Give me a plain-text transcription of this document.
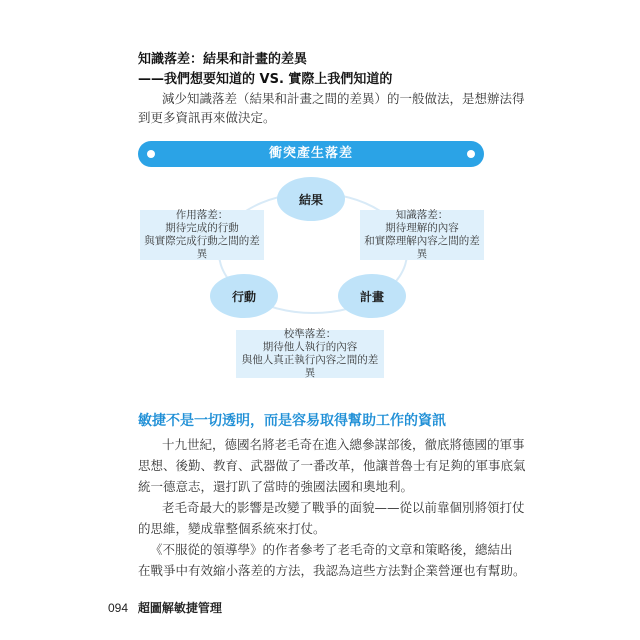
知識落差：結果和計畫的差異
——我們想要知道的 VS. 實際上我們知道的
減少知識落差（結果和計畫之間的差異）的一般做法，是想辦法得
到更多資訊再來做決定。
衝突產生落差
結果
行動	計畫
作用落差：
期待完成的行動
與實際完成行動之間的差異
知識落差：
期待理解的內容
和實際理解內容之間的差異
校準落差：
期待他人執行的內容
與他人真正執行內容之間的差異
敏捷不是一切透明，而是容易取得幫助工作的資訊
十九世紀，德國名將老毛奇在進入總參謀部後，徹底將德國的軍事
思想、後勤、教育、武器做了一番改革，他讓普魯士有足夠的軍事底氣
統一德意志，還打趴了當時的強國法國和奧地利。
老毛奇最大的影響是改變了戰爭的面貌——從以前靠個別將領打仗
的思維，變成靠整個系統來打仗。
《不服從的領導學》的作者參考了老毛奇的文章和策略後，總結出
在戰爭中有效縮小落差的方法，我認為這些方法對企業營運也有幫助。
094 超圖解敏捷管理
